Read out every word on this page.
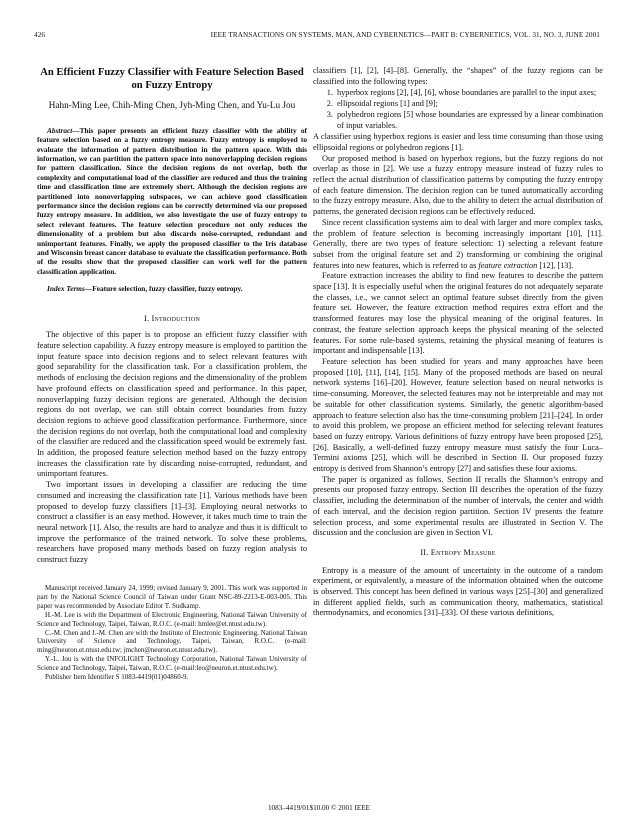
426	IEEE TRANSACTIONS ON SYSTEMS, MAN, AND CYBERNETICS—PART B: CYBERNETICS, VOL. 31, NO. 3, JUNE 2001
An Efficient Fuzzy Classifier with Feature Selection Based on Fuzzy Entropy
Hahn-Ming Lee, Chih-Ming Chen, Jyh-Ming Chen, and Yu-Lu Jou
Abstract—This paper presents an efficient fuzzy classifier with the ability of feature selection based on a fuzzy entropy measure. Fuzzy entropy is employed to evaluate the information of pattern distribution in the pattern space. With this information, we can partition the pattern space into nonoverlapping decision regions for pattern classification. Since the decision regions do not overlap, both the complexity and computational load of the classifier are reduced and thus the training time and classification time are extremely short. Although the decision regions are partitioned into nonoverlapping subspaces, we can achieve good classification performance since the decision regions can be correctly determined via our proposed fuzzy entropy measure. In addition, we also investigate the use of fuzzy entropy to select relevant features. The feature selection procedure not only reduces the dimensionality of a problem but also discards noise-corrupted, redundant and unimportant features. Finally, we apply the proposed classifier to the Iris database and Wisconsin breast cancer database to evaluate the classification performance. Both of the results show that the proposed classifier can work well for the pattern classification application.
Index Terms—Feature selection, fuzzy classifier, fuzzy entropy.
I. Introduction

The objective of this paper is to propose an efficient fuzzy classifier with feature selection capability. A fuzzy entropy measure is employed to partition the input feature space into decision regions and to select relevant features with good separability for the classification task. For a classification problem, the methods of enclosing the decision regions and the dimensionality of the problem have profound effects on classification speed and performance. In this paper, nonoverlapping fuzzy decision regions are generated. Although the decision regions do not overlap, we can still obtain correct boundaries from fuzzy decision regions to achieve good classification performance. Furthermore, since the decision regions do not overlap, both the computational load and complexity of the classifier are reduced and the classification speed would be extremely fast. In addition, the proposed feature selection method based on the fuzzy entropy increases the classification rate by discarding noise-corrupted, redundant, and unimportant features.

Two important issues in developing a classifier are reducing the time consumed and increasing the classification rate [1]. Various methods have been proposed to develop fuzzy classifiers [1]–[3]. Employing neural networks to construct a classifier is an easy method. However, it takes much time to train the neural network [1]. Also, the results are hard to analyze and thus it is difficult to improve the performance of the trained network. To solve these problems, researchers have proposed many methods based on fuzzy region analysis to construct fuzzy

Manuscript received January 24, 1999; revised January 9, 2001. This work was supported in part by the National Science Council of Taiwan under Grant NSC-89-2213-E-003-005. This paper was recommended by Associate Editor T. Sudkamp.

H.-M. Lee is with the Department of Electronic Engineering, National Taiwan University of Science and Technology, Taipei, Taiwan, R.O.C. (e-mail: hmlee@et.ntust.edu.tw).

C.-M. Chen and J.-M. Chen are with the Institute of Electronic Engineering, National Taiwan University of Science and Technology, Taipei, Taiwan, R.O.C. (e-mail: ming@neuron.et.ntust.edu.tw; jmchen@neuron.et.ntust.edu.tw).

Y.-L. Jou is with the INFOLIGHT Technology Corporation, National Taiwan University of Science and Technology, Taipei, Taiwan, R.O.C. (e-mail:leo@neuron.et.ntust.edu.tw).

Publisher Item Identifier S 1083-4419(01)04860-9.

classifiers [1], [2], [4]–[8]. Generally, the “shapes” of the fuzzy regions can be classified into the following types:

1. hyperbox regions [2], [4], [6], whose boundaries are parallel to the input axes;
2. ellipsoidal regions [1] and [9];
3. polyhedron regions [5] whose boundaries are expressed by a linear combination of input variables.

A classifier using hyperbox regions is easier and less time consuming than those using ellipsoidal regions or polyhedron regions [1].

Our proposed method is based on hyperbox regions, but the fuzzy regions do not overlap as those in [2]. We use a fuzzy entropy measure instead of fuzzy rules to reflect the actual distribution of classification patterns by computing the fuzzy entropy of each feature dimension. The decision region can be tuned automatically according to the fuzzy entropy measure. Also, due to the ability to detect the actual distribution of patterns, the generated decision regions can be effectively reduced.

Since recent classification systems aim to deal with larger and more complex tasks, the problem of feature selection is becoming increasingly important [10], [11]. Generally, there are two types of feature selection: 1) selecting a relevant feature subset from the original feature set and 2) transforming or combining the original features into new features, which is referred to as feature extraction [12], [13].

Feature extraction increases the ability to find new features to describe the pattern space [13]. It is especially useful when the original features do not adequately separate the classes, i.e., we cannot select an optimal feature subset directly from the given feature set. However, the feature extraction method requires extra effort and the transformed features may lose the physical meaning of the original features. In contrast, the feature selection approach keeps the physical meaning of the selected features. For some rule-based systems, retaining the physical meaning of features is important and indispensable [13].

Feature selection has been studied for years and many approaches have been proposed [10], [11], [14], [15]. Many of the proposed methods are based on neural network systems [16]–[20]. However, feature selection based on neural networks is time-consuming. Moreover, the selected features may not be interpretable and may not be suitable for other classification systems. Similarly, the genetic algorithm-based approach to feature selection also has the time-consuming problem [21]–[24]. In order to avoid this problem, we propose an efficient method for selecting relevant features based on fuzzy entropy. Various definitions of fuzzy entropy have been proposed [25], [26]. Basically, a well-defined fuzzy entropy measure must satisfy the four Luca–Termini axioms [25], which will be described in Section II. Our proposed fuzzy entropy is derived from Shannon’s entropy [27] and satisfies these four axioms.

The paper is organized as follows. Section II recalls the Shannon’s entropy and presents our proposed fuzzy entropy. Section III describes the operation of the fuzzy classifier, including the determination of the number of intervals, the center and width of each interval, and the decision region partition. Section IV presents the feature selection process, and some experimental results are illustrated in Section V. The discussion and the conclusion are given in Section VI.

II. Entropy Measure

Entropy is a measure of the amount of uncertainty in the outcome of a random experiment, or equivalently, a measure of the information obtained when the outcome is observed. This concept has been defined in various ways [25]–[30] and generalized in different applied fields, such as communication theory, mathematics, statistical thermodynamics, and economics [31]–[33]. Of these various definitions,

1083–4419/01$10.00 © 2001 IEEE
